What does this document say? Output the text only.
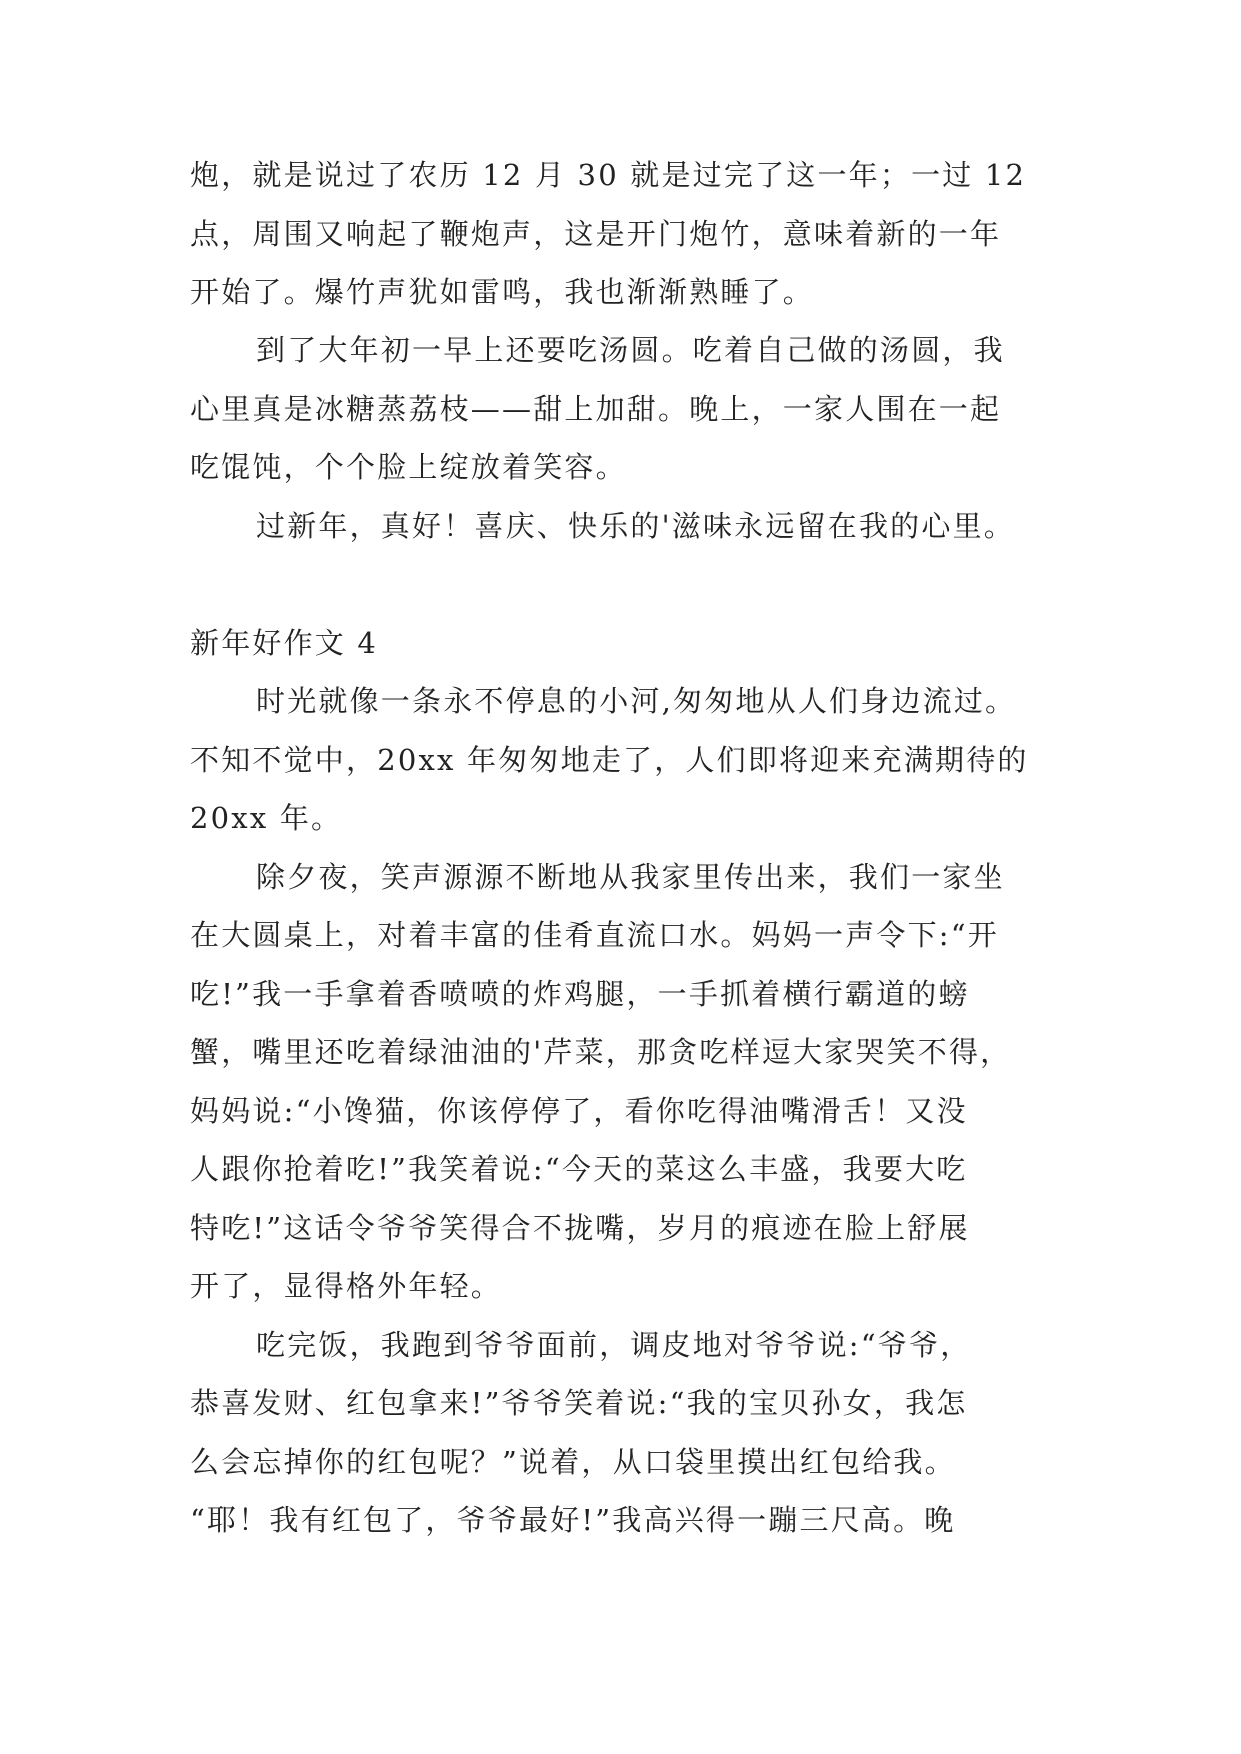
炮，就是说过了农历 12 月 30 就是过完了这一年；一过 12
点，周围又响起了鞭炮声，这是开门炮竹，意味着新的一年
开始了。爆竹声犹如雷鸣，我也渐渐熟睡了。
到了大年初一早上还要吃汤圆。吃着自己做的汤圆，我
心里真是冰糖蒸荔枝——甜上加甜。晚上，一家人围在一起
吃馄饨，个个脸上绽放着笑容。
过新年，真好！喜庆、快乐的'滋味永远留在我的心里。
新年好作文 4
时光就像一条永不停息的小河,匆匆地从人们身边流过。
不知不觉中，20xx 年匆匆地走了，人们即将迎来充满期待的
20xx 年。
除夕夜，笑声源源不断地从我家里传出来，我们一家坐
在大圆桌上，对着丰富的佳肴直流口水。妈妈一声令下:“开
吃!”我一手拿着香喷喷的炸鸡腿，一手抓着横行霸道的螃
蟹，嘴里还吃着绿油油的'芹菜，那贪吃样逗大家哭笑不得，
妈妈说:“小馋猫，你该停停了，看你吃得油嘴滑舌！又没
人跟你抢着吃!”我笑着说:“今天的菜这么丰盛，我要大吃
特吃!”这话令爷爷笑得合不拢嘴，岁月的痕迹在脸上舒展
开了，显得格外年轻。
吃完饭，我跑到爷爷面前，调皮地对爷爷说:“爷爷，
恭喜发财、红包拿来!”爷爷笑着说:“我的宝贝孙女，我怎
么会忘掉你的红包呢？”说着，从口袋里摸出红包给我。
“耶！我有红包了，爷爷最好!”我高兴得一蹦三尺高。晚
